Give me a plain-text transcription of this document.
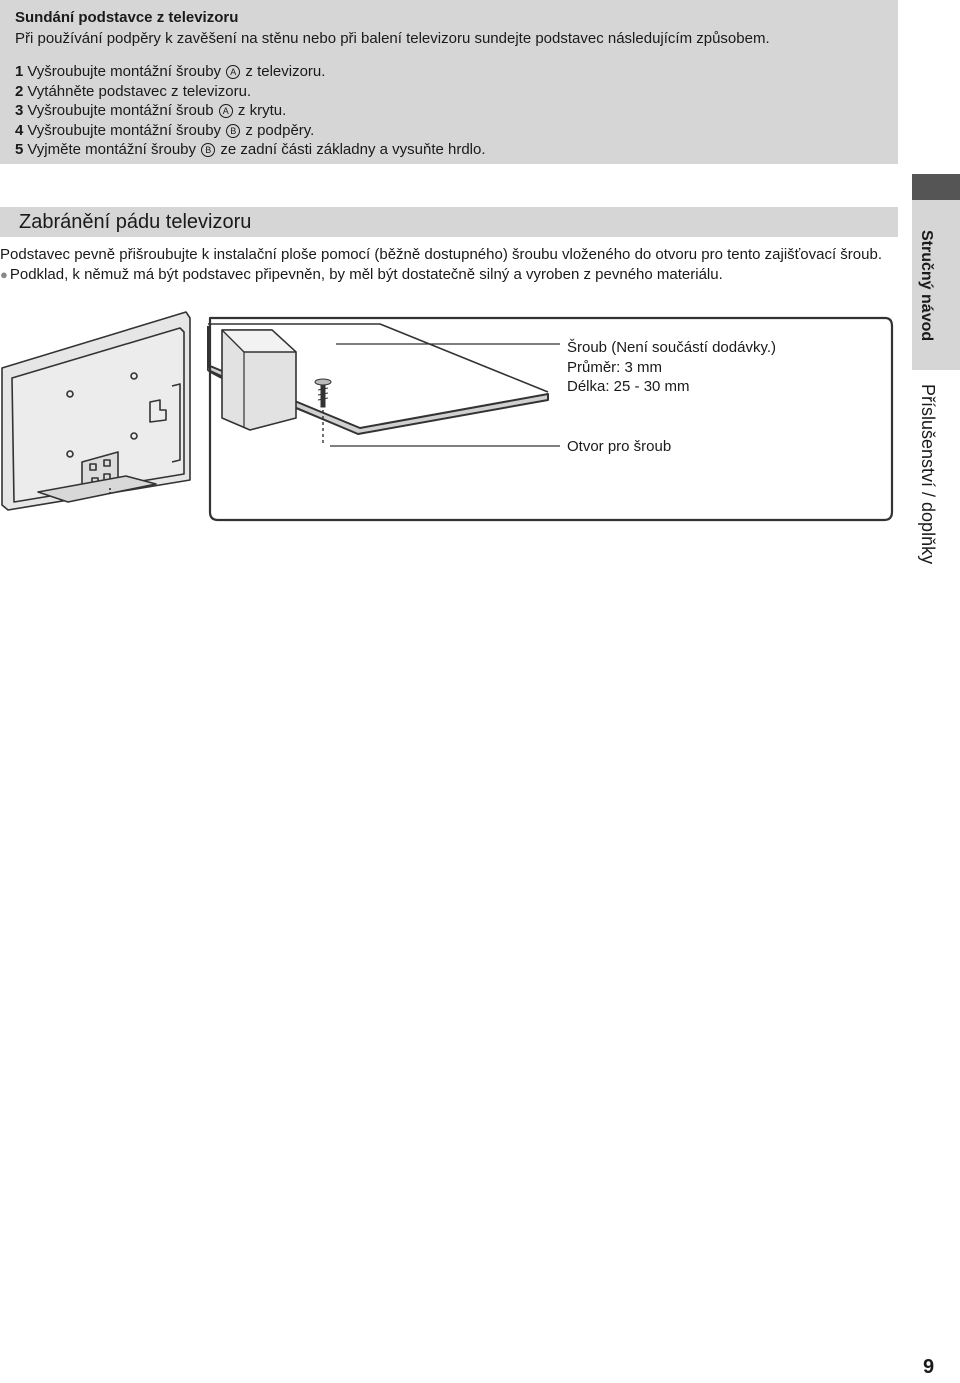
Sundání podstavce z televizoru
Při používání podpěry k zavěšení na stěnu nebo při balení televizoru sundejte podstavec následujícím způsobem.
1 Vyšroubujte montážní šrouby A z televizoru.
2 Vytáhněte podstavec z televizoru.
3 Vyšroubujte montážní šroub A z krytu.
4 Vyšroubujte montážní šrouby B z podpěry.
5 Vyjměte montážní šrouby B ze zadní části základny a vysuňte hrdlo.
Zabránění pádu televizoru

Podstavec pevně přišroubujte k instalační ploše pomocí (běžně dostupného) šroubu vloženého do otvoru pro tento zajišťovací šroub.

● Podklad, k němuž má být podstavec připevněn, by měl být dostatečně silný a vyroben z pevného materiálu.

Šroub (Není součástí dodávky.)
Průměr: 3 mm
Délka: 25 - 30 mm
Otvor pro šroub
Stručný návod
Příslušenství / doplňky
9
